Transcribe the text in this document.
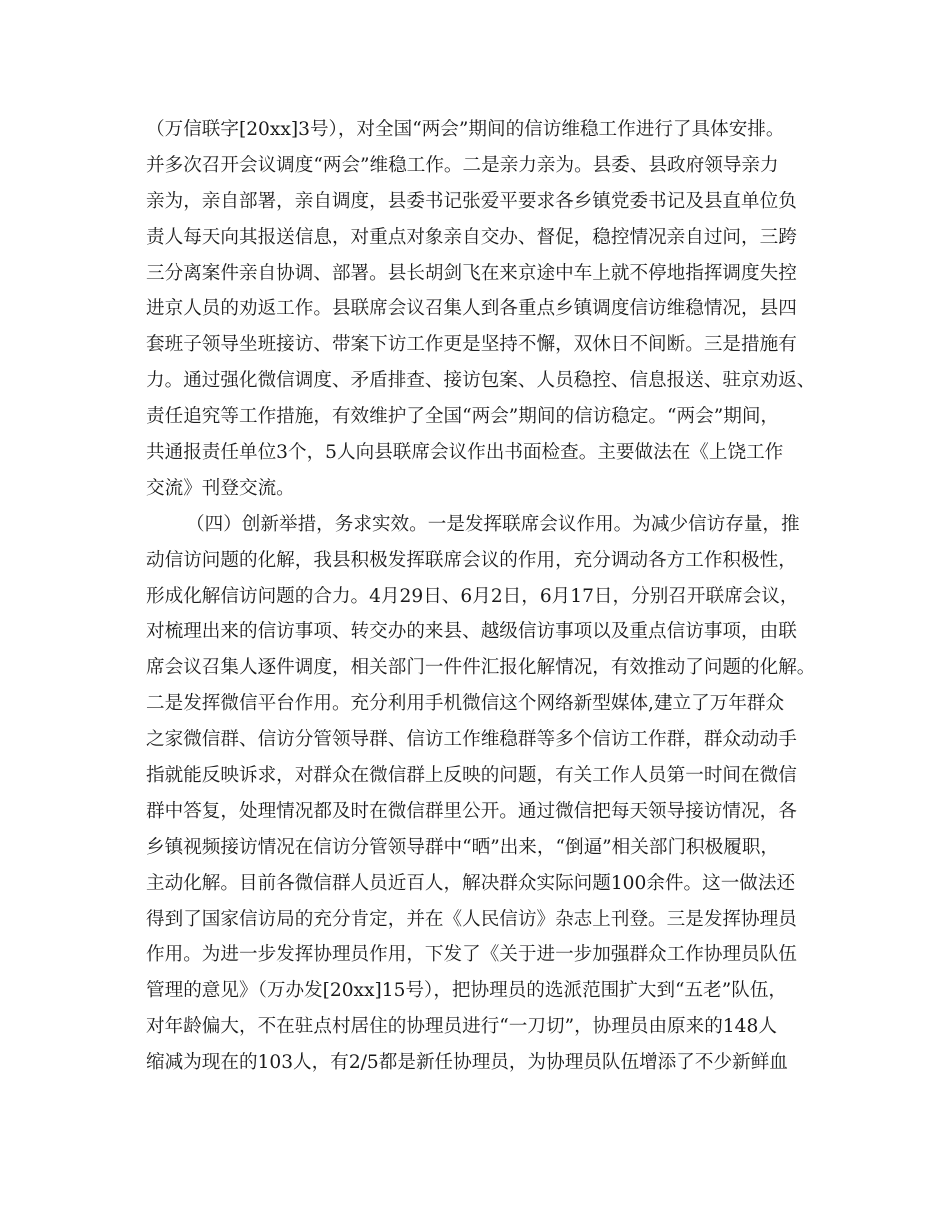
（万信联字[20xx]3号），对全国“两会”期间的信访维稳工作进行了具体安排。
并多次召开会议调度“两会”维稳工作。二是亲力亲为。县委、县政府领导亲力
亲为，亲自部署，亲自调度，县委书记张爱平要求各乡镇党委书记及县直单位负
责人每天向其报送信息，对重点对象亲自交办、督促，稳控情况亲自过问，三跨
三分离案件亲自协调、部署。县长胡剑飞在来京途中车上就不停地指挥调度失控
进京人员的劝返工作。县联席会议召集人到各重点乡镇调度信访维稳情况，县四
套班子领导坐班接访、带案下访工作更是坚持不懈，双休日不间断。三是措施有
力。通过强化微信调度、矛盾排查、接访包案、人员稳控、信息报送、驻京劝返、
责任追究等工作措施，有效维护了全国“两会”期间的信访稳定。“两会”期间，
共通报责任单位3个，5人向县联席会议作出书面检查。主要做法在《上饶工作
交流》刊登交流。
（四）创新举措，务求实效。一是发挥联席会议作用。为减少信访存量，推
动信访问题的化解，我县积极发挥联席会议的作用，充分调动各方工作积极性，
形成化解信访问题的合力。4月29日、6月2日，6月17日，分别召开联席会议，
对梳理出来的信访事项、转交办的来县、越级信访事项以及重点信访事项，由联
席会议召集人逐件调度，相关部门一件件汇报化解情况，有效推动了问题的化解。
二是发挥微信平台作用。充分利用手机微信这个网络新型媒体,建立了万年群众
之家微信群、信访分管领导群、信访工作维稳群等多个信访工作群，群众动动手
指就能反映诉求，对群众在微信群上反映的问题，有关工作人员第一时间在微信
群中答复，处理情况都及时在微信群里公开。通过微信把每天领导接访情况，各
乡镇视频接访情况在信访分管领导群中“晒”出来，“倒逼”相关部门积极履职，
主动化解。目前各微信群人员近百人，解决群众实际问题100余件。这一做法还
得到了国家信访局的充分肯定，并在《人民信访》杂志上刊登。三是发挥协理员
作用。为进一步发挥协理员作用，下发了《关于进一步加强群众工作协理员队伍
管理的意见》（万办发[20xx]15号），把协理员的选派范围扩大到“五老”队伍，
对年龄偏大，不在驻点村居住的协理员进行“一刀切”，协理员由原来的148人
缩减为现在的103人，有2/5都是新任协理员，为协理员队伍增添了不少新鲜血
